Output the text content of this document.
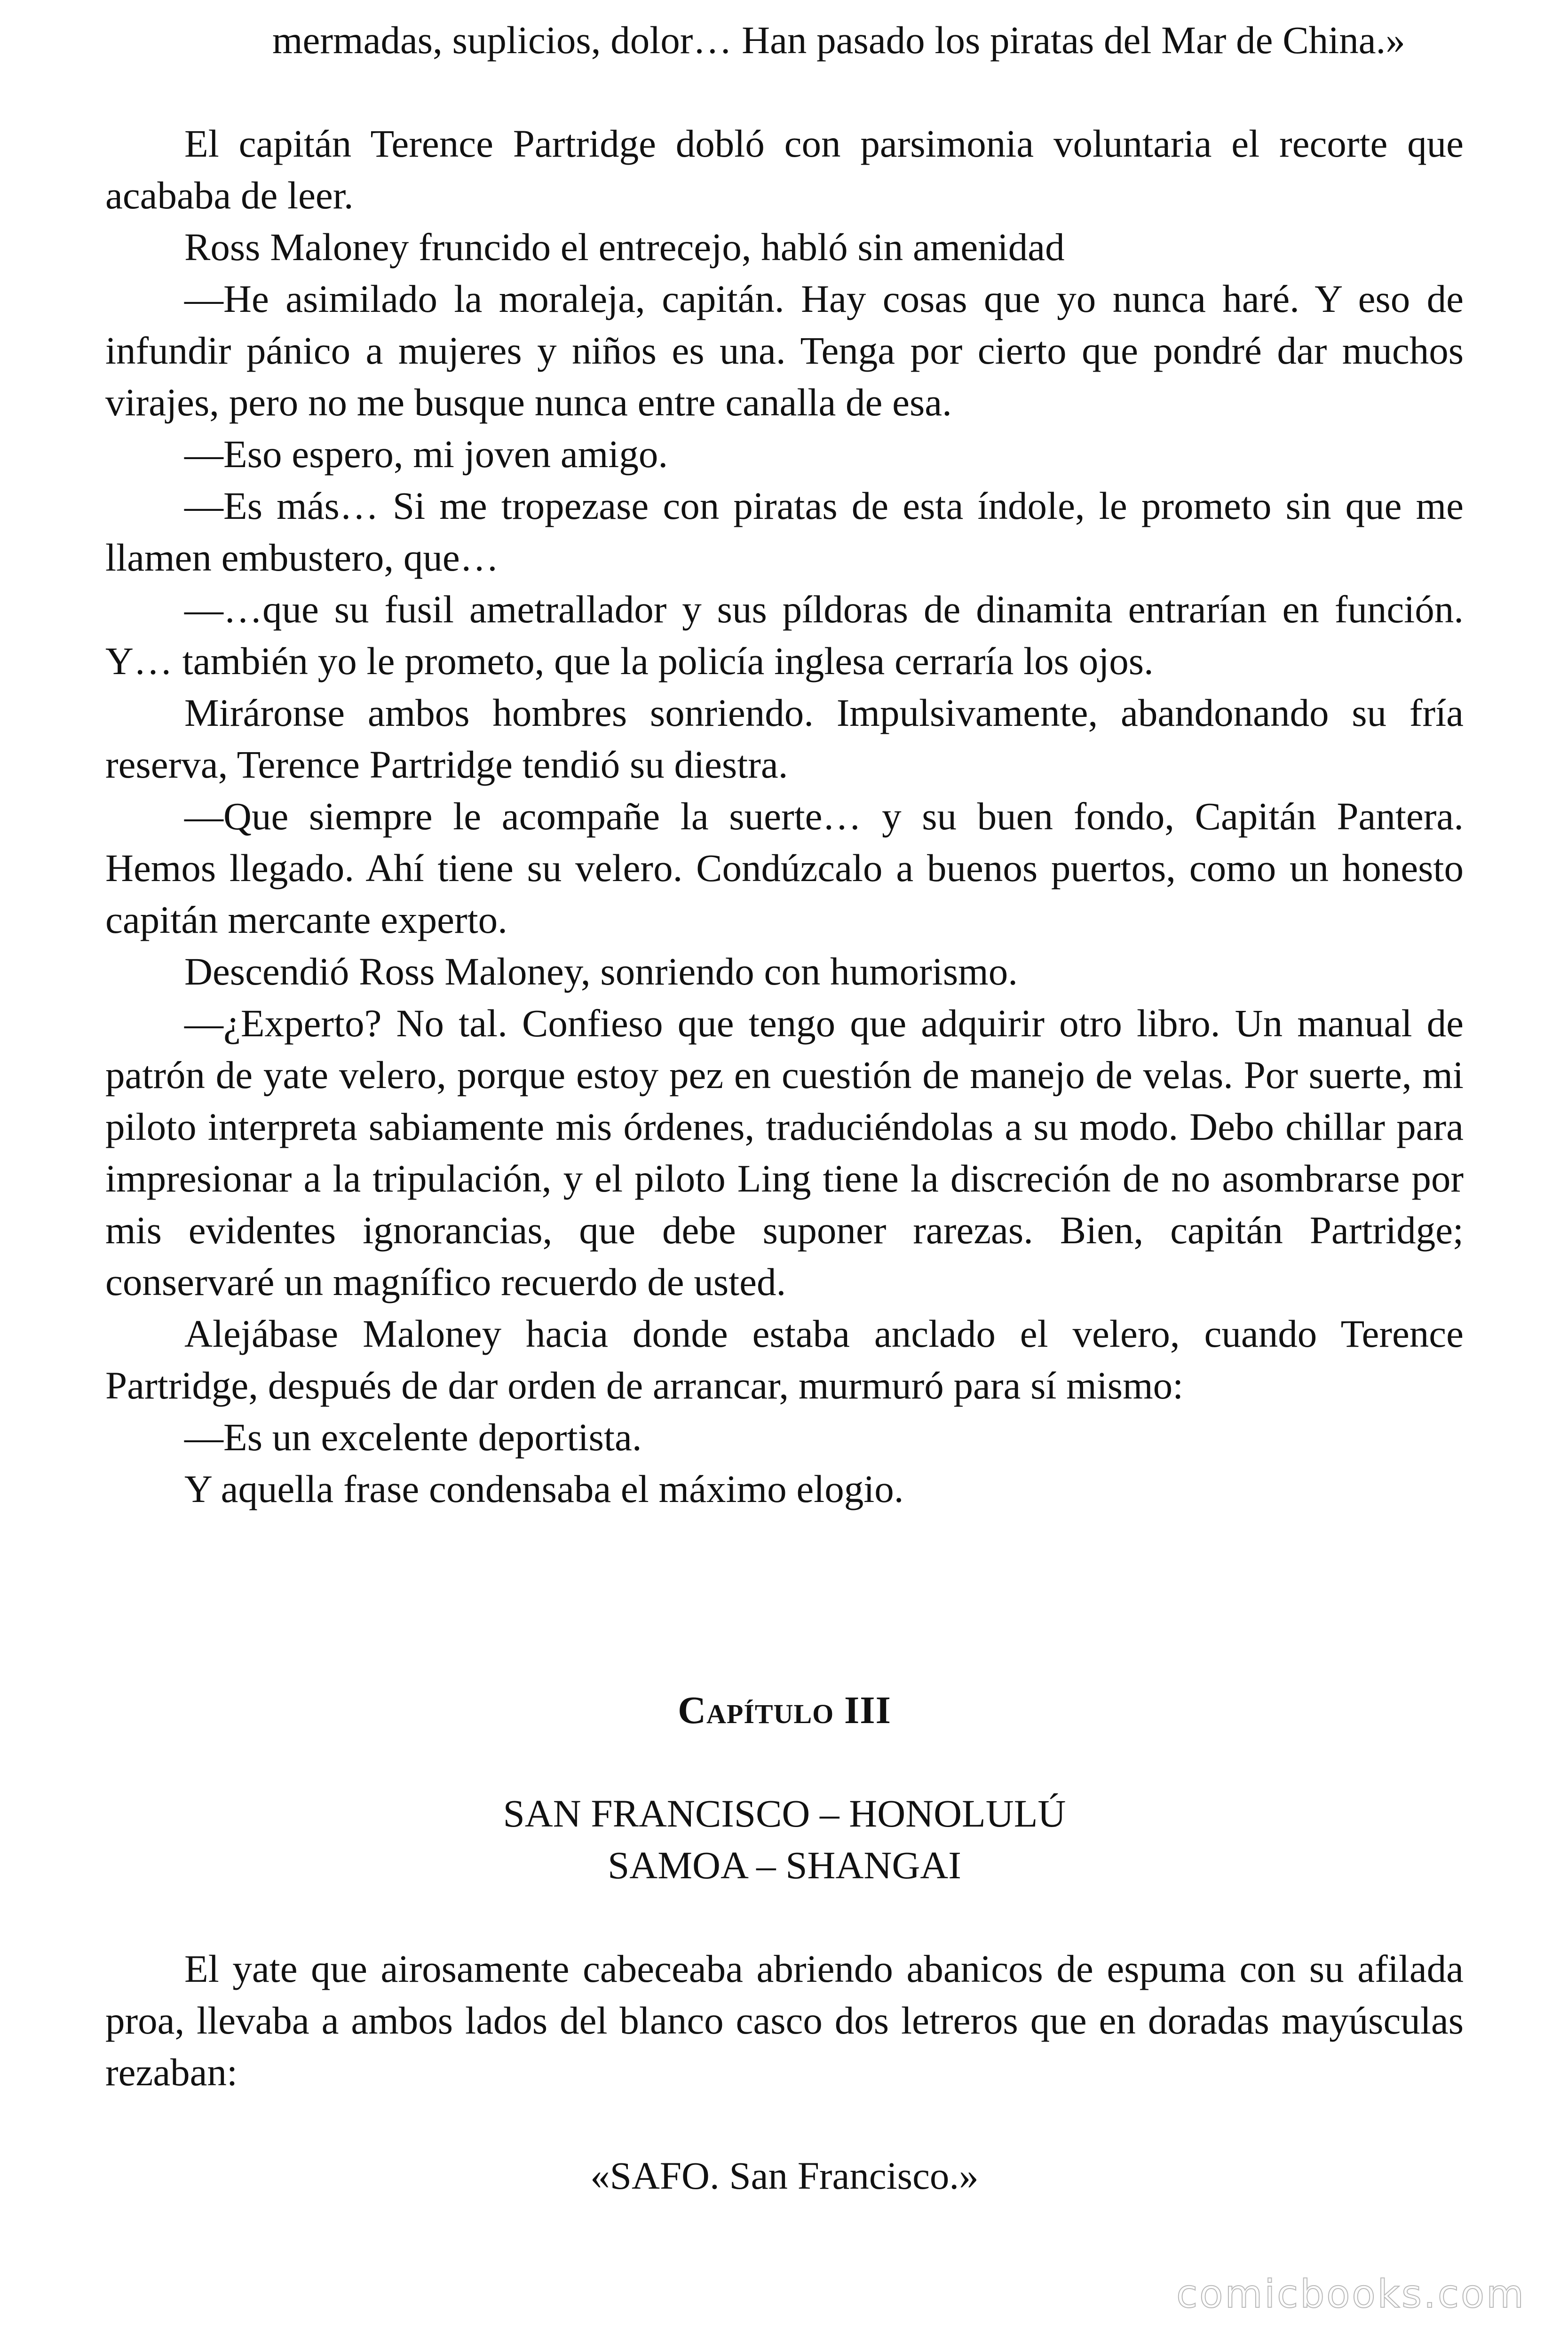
mermadas, suplicios, dolor… Han pasado los piratas del Mar de China.»

El capitán Terence Partridge dobló con parsimonia voluntaria el recorte que acababa de leer.

Ross Maloney fruncido el entrecejo, habló sin amenidad

—He asimilado la moraleja, capitán. Hay cosas que yo nunca haré. Y eso de infundir pánico a mujeres y niños es una. Tenga por cierto que pondré dar muchos virajes, pero no me busque nunca entre canalla de esa.

—Eso espero, mi joven amigo.

—Es más… Si me tropezase con piratas de esta índole, le prometo sin que me llamen embustero, que…

—…que su fusil ametrallador y sus píldoras de dinamita entrarían en función. Y… también yo le prometo, que la policía inglesa cerraría los ojos.

Miráronse ambos hombres sonriendo. Impulsivamente, abandonando su fría reserva, Terence Partridge tendió su diestra.

—Que siempre le acompañe la suerte… y su buen fondo, Capitán Pantera. Hemos llegado. Ahí tiene su velero. Condúzcalo a buenos puertos, como un honesto capitán mercante experto.

Descendió Ross Maloney, sonriendo con humorismo.

—¿Experto? No tal. Confieso que tengo que adquirir otro libro. Un manual de patrón de yate velero, porque estoy pez en cuestión de manejo de velas. Por suerte, mi piloto interpreta sabiamente mis órdenes, traduciéndolas a su modo. Debo chillar para impresionar a la tripulación, y el piloto Ling tiene la discreción de no asombrarse por mis evidentes ignorancias, que debe suponer rarezas. Bien, capitán Partridge; conservaré un magnífico recuerdo de usted.

Alejábase Maloney hacia donde estaba anclado el velero, cuando Terence Partridge, después de dar orden de arrancar, murmuró para sí mismo:

—Es un excelente deportista.

Y aquella frase condensaba el máximo elogio.

Capítulo III

SAN FRANCISCO – HONOLULÚ

SAMOA – SHANGAI

El yate que airosamente cabeceaba abriendo abanicos de espuma con su afilada proa, llevaba a ambos lados del blanco casco dos letreros que en doradas mayúsculas rezaban:

«SAFO. San Francisco.»

comicbooks.com
